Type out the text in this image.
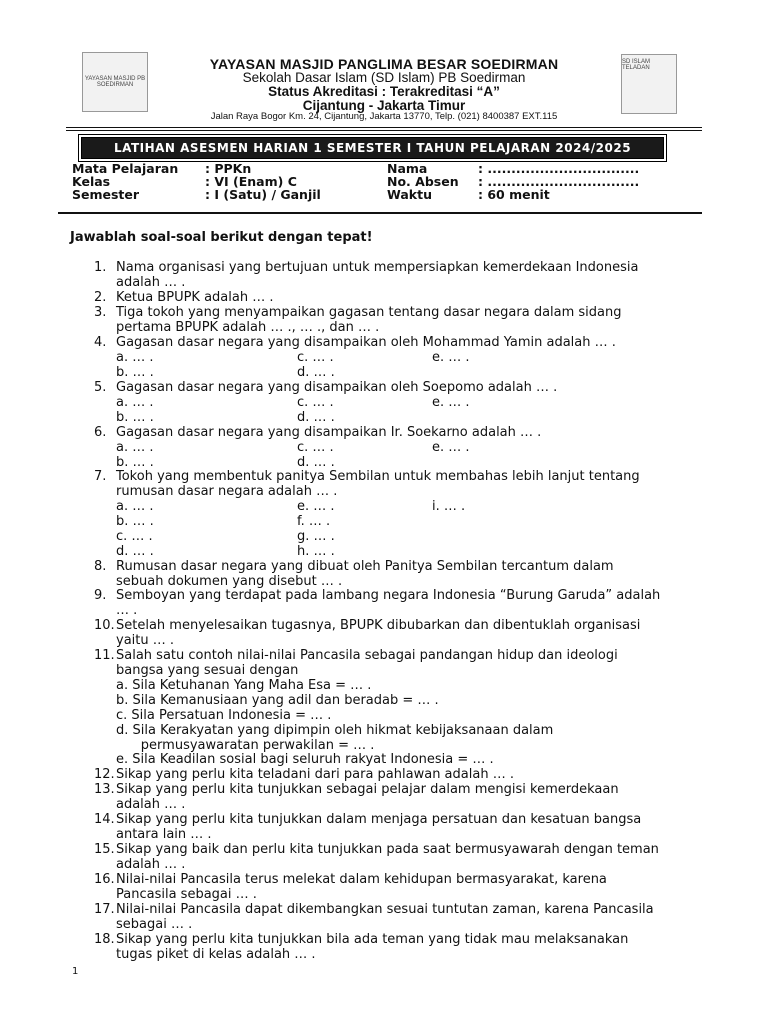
YAYASAN MASJID PB SOEDIRMAN
SD ISLAM TELADAN
YAYASAN MASJID PANGLIMA BESAR SOEDIRMAN
Sekolah Dasar Islam (SD Islam) PB Soedirman
Status Akreditasi : Terakreditasi “A”
Cijantung - Jakarta Timur
Jalan Raya Bogor Km. 24, Cijantung, Jakarta 13770, Telp. (021) 8400387 EXT.115
LATIHAN ASESMEN HARIAN 1 SEMESTER I TAHUN PELAJARAN 2024/2025
Mata Pelajaran : PPKn	Nama	: ................................
Kelas	: VI (Enam) C	No. Absen : ................................
Semester	: I (Satu) / Ganjil	Waktu	: 60 menit
Jawablah soal-soal berikut dengan tepat!
1. Nama organisasi yang bertujuan untuk mempersiapkan kemerdekaan Indonesia
adalah … .
2. Ketua BPUPK adalah … .
3. Tiga tokoh yang menyampaikan gagasan tentang dasar negara dalam sidang
pertama BPUPK adalah … ., … ., dan … .
4. Gagasan dasar negara yang disampaikan oleh Mohammad Yamin adalah … .
a. … .	c. … .	e. … .
b. … .	d. … .
5. Gagasan dasar negara yang disampaikan oleh Soepomo adalah … .
a. … .	c. … .	e. … .
b. … .	d. … .
6. Gagasan dasar negara yang disampaikan Ir. Soekarno adalah … .
a. … .	c. … .	e. … .
b. … .	d. … .
7. Tokoh yang membentuk panitya Sembilan untuk membahas lebih lanjut tentang
rumusan dasar negara adalah … .
a. … .	e. … .	i. … .
b. … .	f. … .
c. … .	g. … .
d. … .	h. … .
8. Rumusan dasar negara yang dibuat oleh Panitya Sembilan tercantum dalam
sebuah dokumen yang disebut … .
9. Semboyan yang terdapat pada lambang negara Indonesia “Burung Garuda” adalah
… .
10. Setelah menyelesaikan tugasnya, BPUPK dibubarkan dan dibentuklah organisasi
yaitu … .
11. Salah satu contoh nilai-nilai Pancasila sebagai pandangan hidup dan ideologi
bangsa yang sesuai dengan
a. Sila Ketuhanan Yang Maha Esa = … .
b. Sila Kemanusiaan yang adil dan beradab = … .
c. Sila Persatuan Indonesia = … .
d. Sila Kerakyatan yang dipimpin oleh hikmat kebijaksanaan dalam
permusyawaratan perwakilan = … .
e. Sila Keadilan sosial bagi seluruh rakyat Indonesia = … .
12. Sikap yang perlu kita teladani dari para pahlawan adalah … .
13. Sikap yang perlu kita tunjukkan sebagai pelajar dalam mengisi kemerdekaan
adalah … .
14. Sikap yang perlu kita tunjukkan dalam menjaga persatuan dan kesatuan bangsa
antara lain … .
15. Sikap yang baik dan perlu kita tunjukkan pada saat bermusyawarah dengan teman
adalah … .
16. Nilai-nilai Pancasila terus melekat dalam kehidupan bermasyarakat, karena
Pancasila sebagai … .
17. Nilai-nilai Pancasila dapat dikembangkan sesuai tuntutan zaman, karena Pancasila
sebagai … .
18. Sikap yang perlu kita tunjukkan bila ada teman yang tidak mau melaksanakan
tugas piket di kelas adalah … .
1
